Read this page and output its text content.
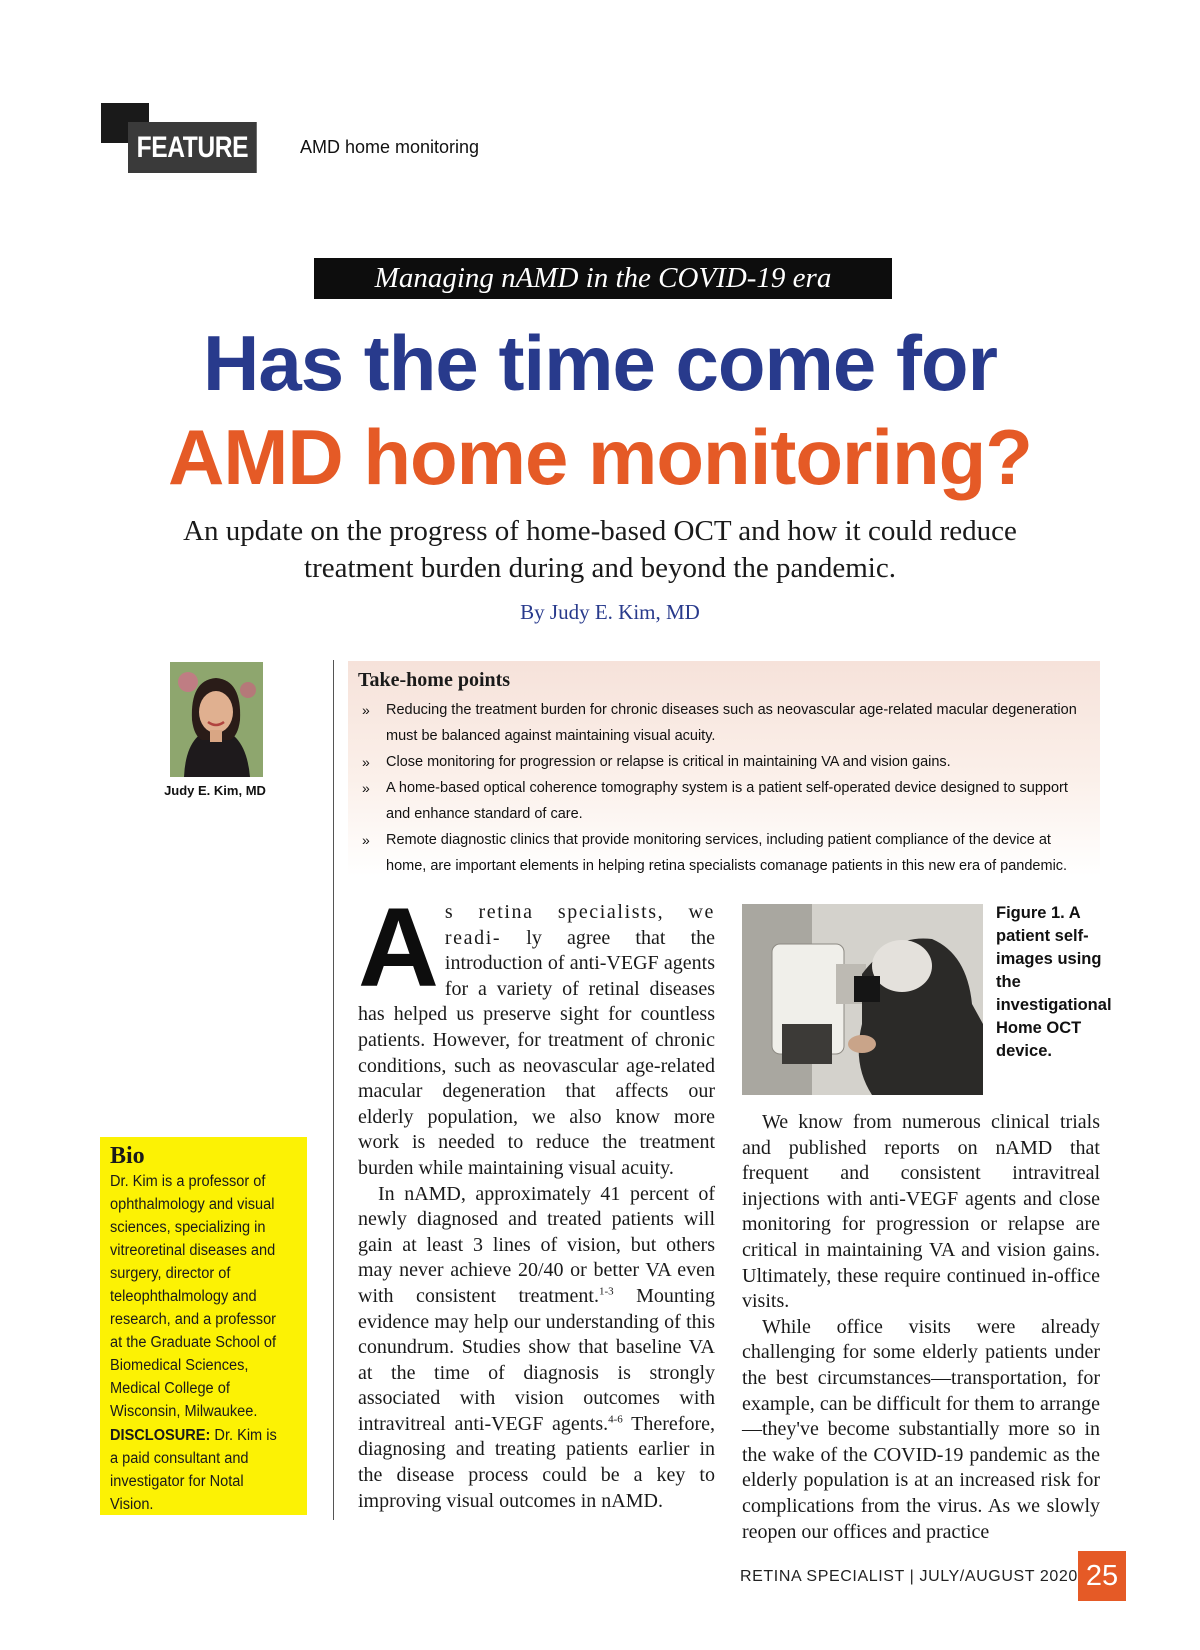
FEATURE	AMD home monitoring
Managing nAMD in the COVID-19 era
Has the time come for
AMD home monitoring?
An update on the progress of home-based OCT and how it could reduce treatment burden during and beyond the pandemic.
By Judy E. Kim, MD
Judy E. Kim, MD
Take-home points
» Reducing the treatment burden for chronic diseases such as neovascular age-related macular degeneration must be balanced against maintaining visual acuity.
» Close monitoring for progression or relapse is critical in maintaining VA and vision gains.
» A home-based optical coherence tomography system is a patient self-operated device designed to support and enhance standard of care.
» Remote diagnostic clinics that provide monitoring services, including patient compliance of the device at home, are important elements in helping retina specialists comanage patients in this new era of pandemic.
A s retina specialists, we readi- ly agree that the introduction of anti-VEGF agents for a variety of retinal diseases has helped us preserve sight for countless patients. However, for treatment of chronic conditions, such as neovascular age-related macular degeneration that affects our elderly population, we also know more work is needed to reduce the treatment burden while maintaining visual acuity.

In nAMD, approximately 41 percent of newly diagnosed and treated patients will gain at least 3 lines of vision, but others may never achieve 20/40 or better VA even with consistent treatment.$^{1-3}$ Mounting evidence may help our understanding of this conundrum. Studies show that baseline VA at the time of diagnosis is strongly associated with vision outcomes with intravitreal anti-VEGF agents.$^{4-6}$ Therefore, diagnosing and treating patients earlier in the disease process could be a key to improving visual outcomes in nAMD.

Figure 1. A patient self-images using the investigational Home OCT device.

We know from numerous clinical trials and published reports on nAMD that frequent and consistent intravitreal injections with anti-VEGF agents and close monitoring for progression or relapse are critical in maintaining VA and vision gains. Ultimately, these require continued in-office visits.

While office visits were already challenging for some elderly patients under the best circumstances—transportation, for example, can be difficult for them to arrange—they've become substantially more so in the wake of the COVID-19 pandemic as the elderly population is at an increased risk for complications from the virus. As we slowly reopen our offices and practice

Bio
Dr. Kim is a professor of ophthalmology and visual sciences, specializing in vitreoretinal diseases and surgery, director of teleophthalmology and research, and a professor at the Graduate School of Biomedical Sciences, Medical College of Wisconsin, Milwaukee.
DISCLOSURE: Dr. Kim is a paid consultant and investigator for Notal Vision.
RETINA SPECIALIST | JULY/AUGUST 2020 25
